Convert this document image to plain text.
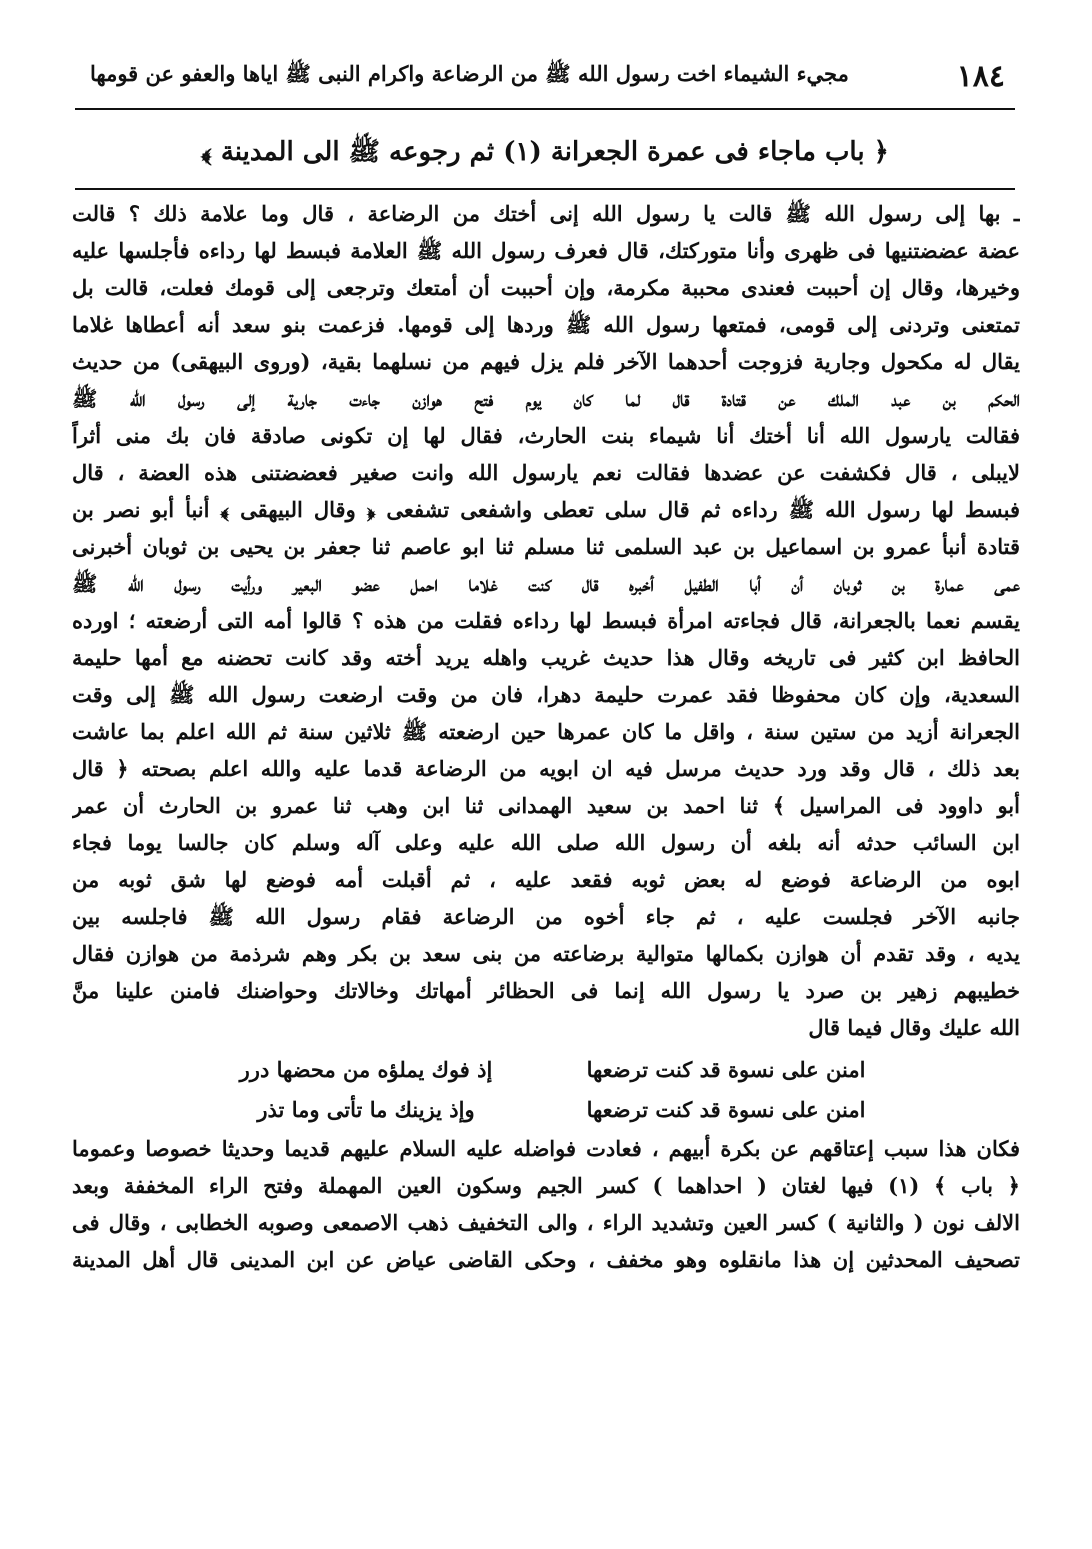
١٨٤
مجيء الشيماء اخت رسول الله ﷺ من الرضاعة واكرام النبى ﷺ اياها والعفو عن قومها
﴿ باب ماجاء فى عمرة الجعرانة (١) ثم رجوعه ﷺ الى المدينة ﴾
ـ بها إلى رسول الله ﷺ قالت يا رسول الله إنى أختك من الرضاعة ، قال وما علامة ذلك ؟ قالت
عضة عضضتنيها فى ظهرى وأنا متوركتك، قال فعرف رسول الله ﷺ العلامة فبسط لها رداءه فأجلسها عليه
وخيرها، وقال إن أحببت فعندى محببة مكرمة، وإن أحببت أن أمتعك وترجعى إلى قومك فعلت، قالت بل
تمتعنى وتردنى إلى قومى، فمتعها رسول الله ﷺ وردها إلى قومها. فزعمت بنو سعد أنه أعطاها غلاما
يقال له مكحول وجارية فزوجت أحدهما الآخر فلم يزل فيهم من نسلهما بقية، (وروى البيهقى) من حديث
الحكم بن عبد الملك عن قتادة قال لما كان يوم فتح هوازن جاءت جارية إلى رسول الله ﷺ
فقالت يارسول الله أنا أختك أنا شيماء بنت الحارث، فقال لها إن تكونى صادقة فان بك منى أثراً
لايبلى ، قال فكشفت عن عضدها فقالت نعم يارسول الله وانت صغير فعضضتنى هذه العضة ، قال
فبسط لها رسول الله ﷺ رداءه ثم قال سلى تعطى واشفعى تشفعى ﴿ وقال البيهقى ﴾ أنبأ أبو نصر بن
قتادة أنبأ عمرو بن اسماعيل بن عبد السلمى ثنا مسلم ثنا ابو عاصم ثنا جعفر بن يحيى بن ثوبان أخبرنى
عمى عمارة بن ثوبان أن أبا الطفيل أخبره قال كنت غلاما احمل عضو البعير ورأيت رسول الله ﷺ
يقسم نعما بالجعرانة، قال فجاءته امرأة فبسط لها رداءه فقلت من هذه ؟ قالوا أمه التى أرضعته ؛ اورده
الحافظ ابن كثير فى تاريخه وقال هذا حديث غريب واهله يريد أخته وقد كانت تحضنه مع أمها حليمة
السعدية، وإن كان محفوظا فقد عمرت حليمة دهرا، فان من وقت ارضعت رسول الله ﷺ إلى وقت
الجعرانة أزيد من ستين سنة ، واقل ما كان عمرها حين ارضعته ﷺ ثلاثين سنة ثم الله اعلم بما عاشت
بعد ذلك ، قال وقد ورد حديث مرسل فيه ان ابويه من الرضاعة قدما عليه والله اعلم بصحته ﴿ قال
أبو داوود فى المراسيل ﴾ ثنا احمد بن سعيد الهمدانى ثنا ابن وهب ثنا عمرو بن الحارث أن عمر
ابن السائب حدثه أنه بلغه أن رسول الله صلى الله عليه وعلى آله وسلم كان جالسا يوما فجاء
ابوه من الرضاعة فوضع له بعض ثوبه فقعد عليه ، ثم أقبلت أمه فوضع لها شق ثوبه من
جانبه الآخر فجلست عليه ، ثم جاء أخوه من الرضاعة فقام رسول الله ﷺ فاجلسه بين
يديه ، وقد تقدم أن هوازن بكمالها متوالية برضاعته من بنى سعد بن بكر وهم شرذمة من هوازن فقال
خطيبهم زهير بن صرد يا رسول الله إنما فى الحظائر أمهاتك وخالاتك وحواضنك فامنن علينا منَّ
الله عليك وقال فيما قال
امنن على نسوة قد كنت ترضعها
إذ فوك يملؤه من محضها درر
امنن على نسوة قد كنت ترضعها
وإذ يزينك ما تأتى وما تذر
فكان هذا سبب إعتاقهم عن بكرة أبيهم ، فعادت فواضله عليه السلام عليهم قديما وحديثا خصوصا وعموما
﴿ باب ﴾ (١) فيها لغتان ( احداهما ) كسر الجيم وسكون العين المهملة وفتح الراء المخففة وبعد
الالف نون ( والثانية ) كسر العين وتشديد الراء ، والى التخفيف ذهب الاصمعى وصوبه الخطابى ، وقال فى
تصحيف المحدثين إن هذا مانقلوه وهو مخفف ، وحكى القاضى عياض عن ابن المدينى قال أهل المدينة
